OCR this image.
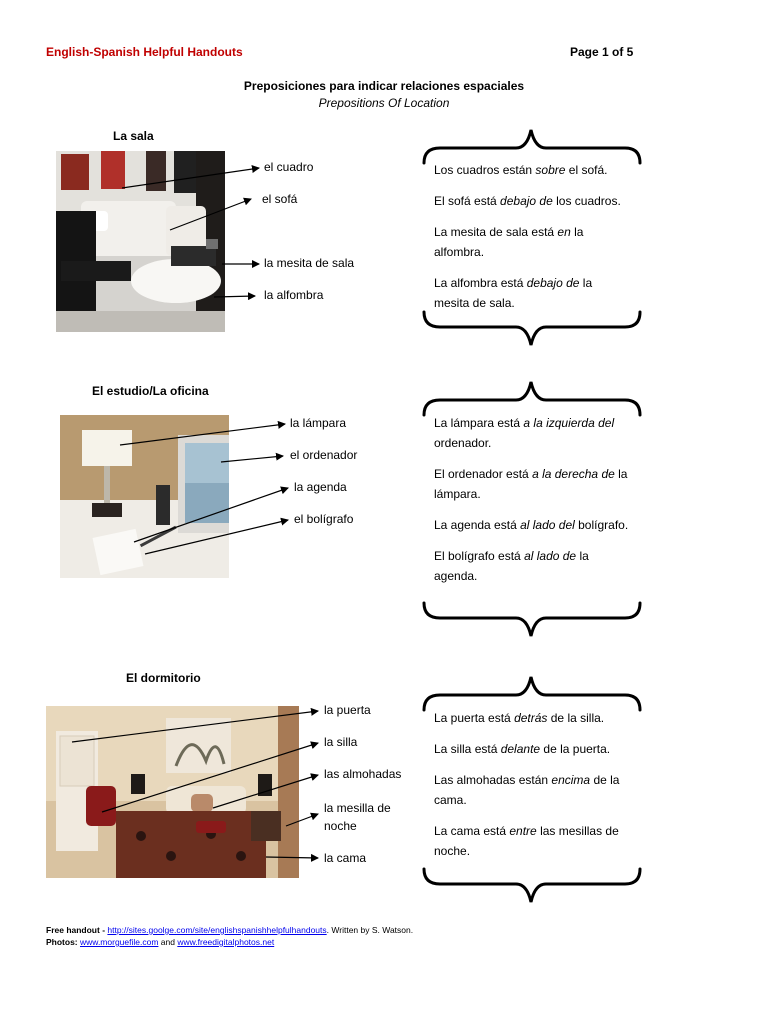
English-Spanish Helpful Handouts	Page 1 of 5
Preposiciones para indicar relaciones espaciales
Prepositions Of Location
La sala
el cuadro
el sofá
la mesita de sala
la alfombra

Los cuadros están sobre el sofá.

El sofá está debajo de los cuadros.

La mesita de sala está en la alfombra.

La alfombra está debajo de la mesita de sala.

El estudio/La oficina
la lámpara
el ordenador
la agenda
el bolígrafo

La lámpara está a la izquierda del ordenador.

El ordenador está a la derecha de la lámpara.

La agenda está al lado del bolígrafo.

El bolígrafo está al lado de la agenda.

El dormitorio
la puerta
la silla
las almohadas
la mesilla de noche
la cama

La puerta está detrás de la silla.

La silla está delante de la puerta.

Las almohadas están encima de la cama.

La cama está entre las mesillas de noche.

Free handout - http://sites.goolge.com/site/englishspanishhelpfulhandouts. Written by S. Watson.
Photos: www.morguefile.com and www.freedigitalphotos.net
